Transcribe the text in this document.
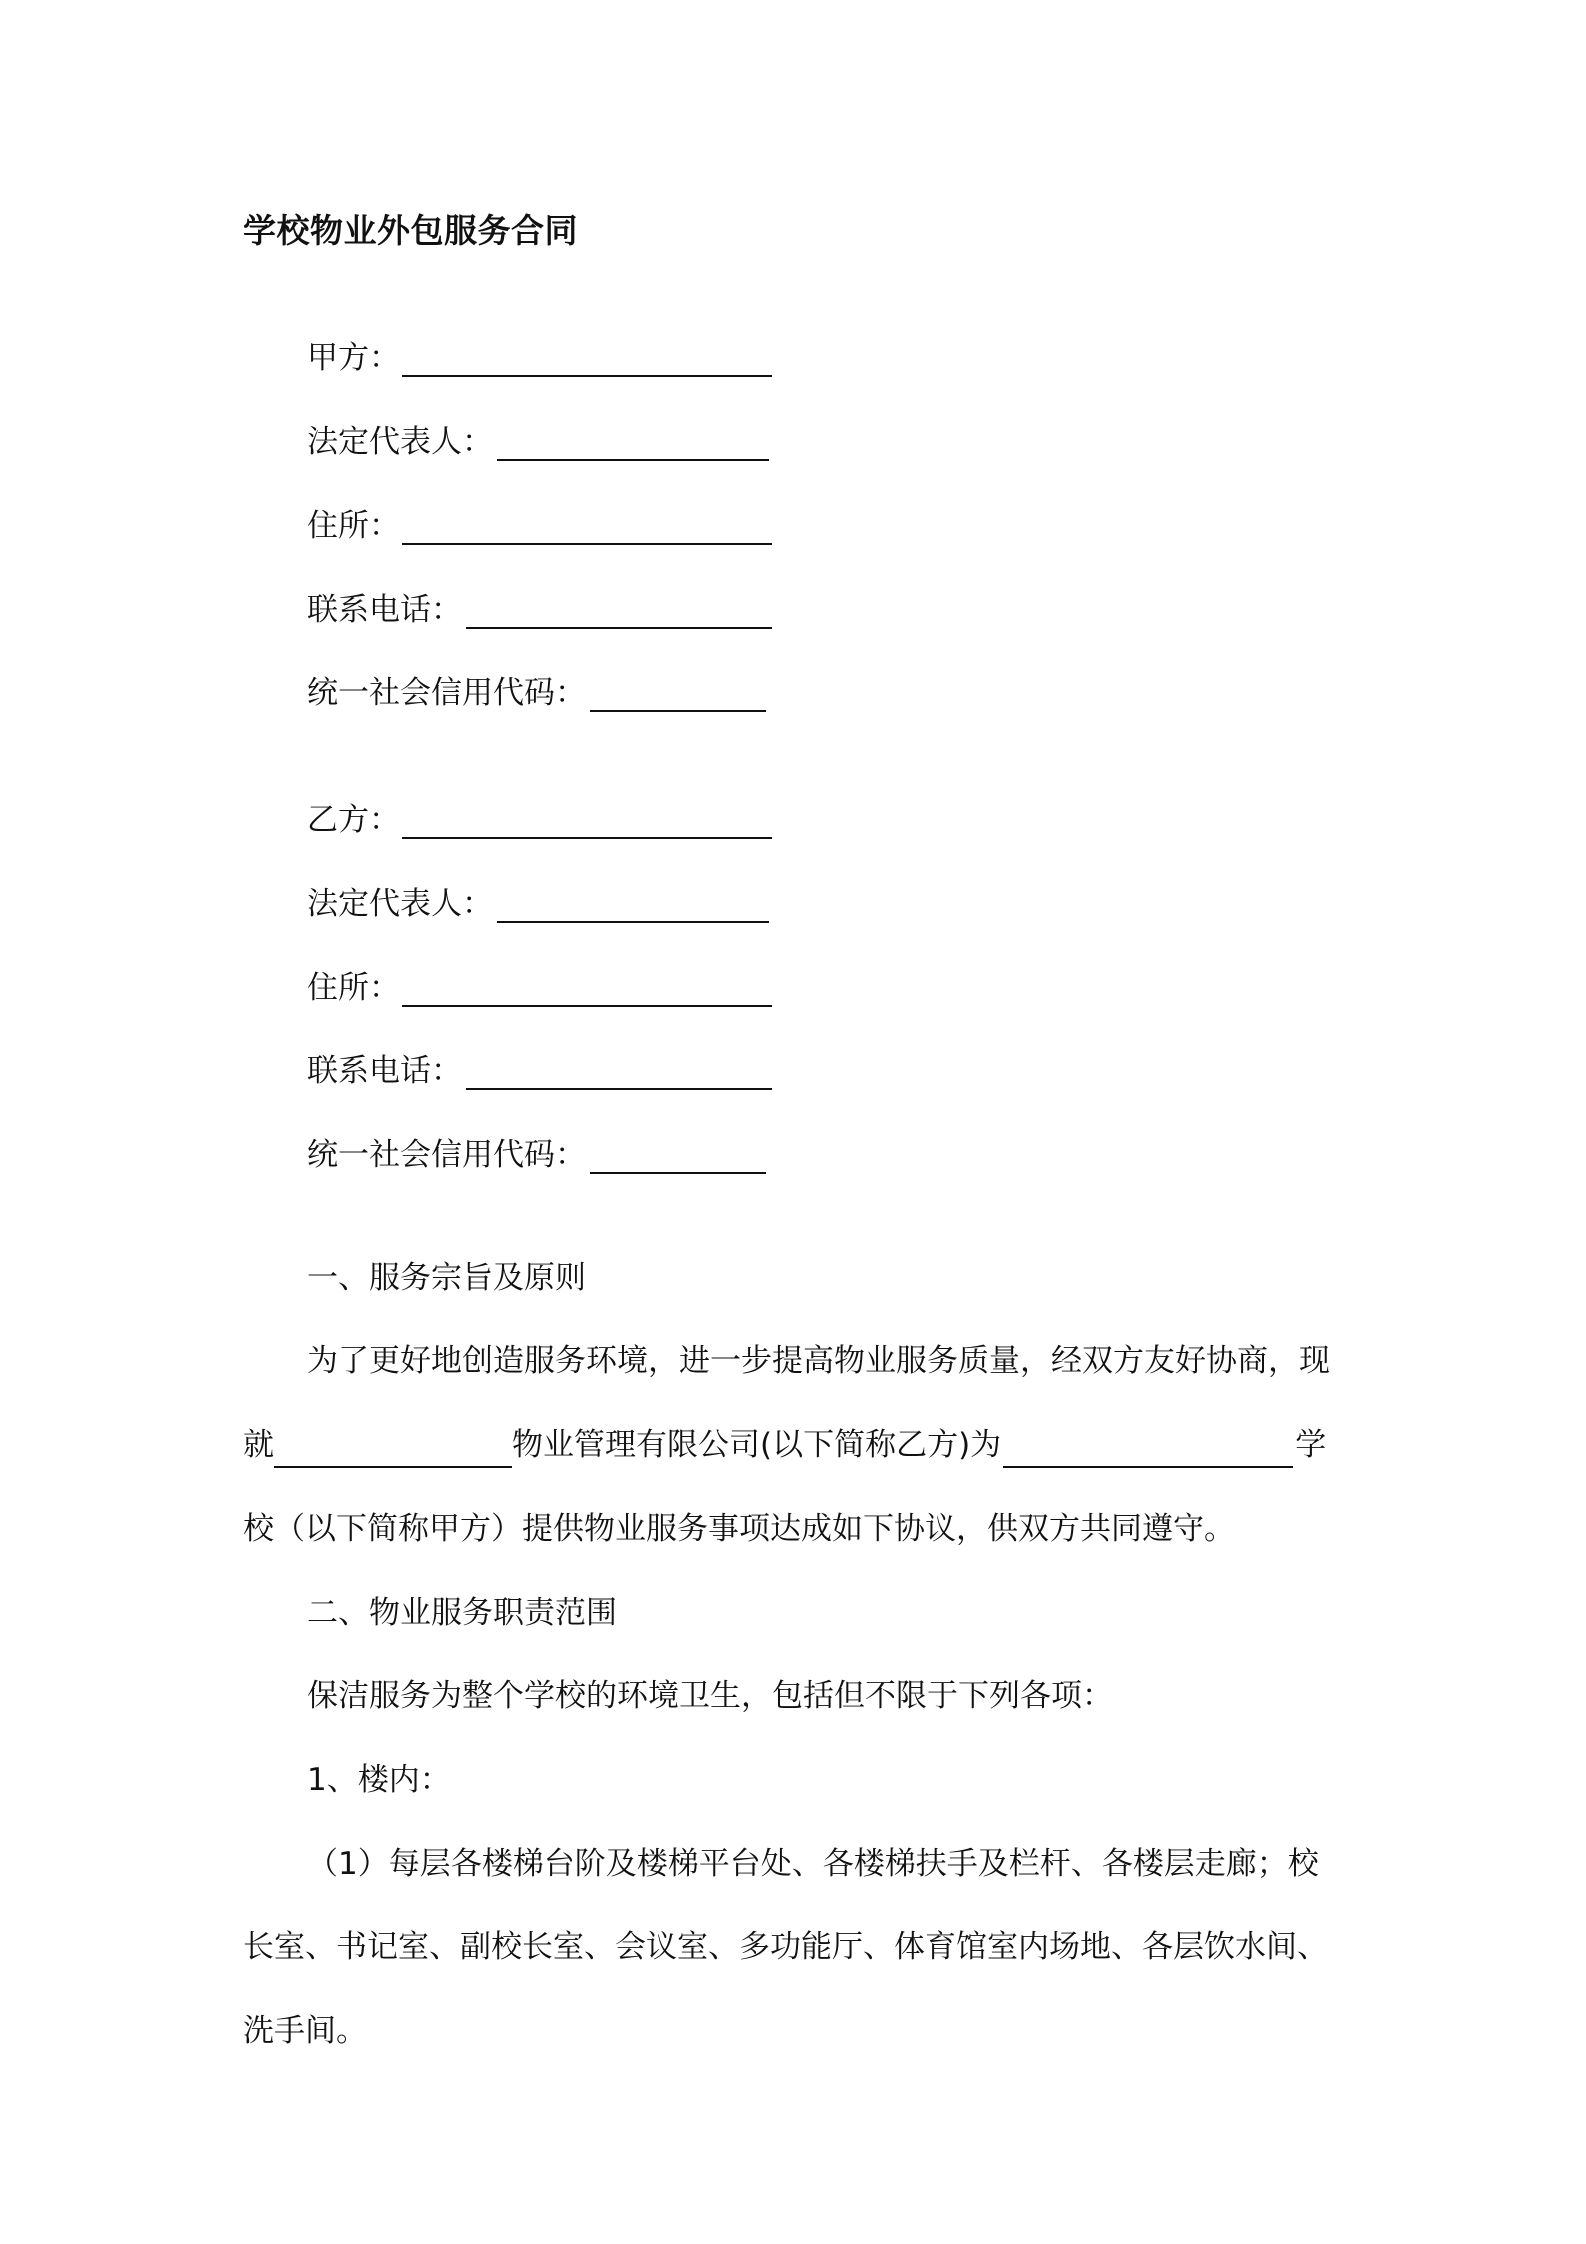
学校物业外包服务合同
甲方：
法定代表人：
住所：
联系电话：
统一社会信用代码：
乙方：
法定代表人：
住所：
联系电话：
统一社会信用代码：
一、服务宗旨及原则
为了更好地创造服务环境，进一步提高物业服务质量，经双方友好协商，现
就	物业管理有限公司(以下简称乙方)为	学
校（以下简称甲方）提供物业服务事项达成如下协议，供双方共同遵守。
二、物业服务职责范围
保洁服务为整个学校的环境卫生，包括但不限于下列各项：
1、楼内：
（1）每层各楼梯台阶及楼梯平台处、各楼梯扶手及栏杆、各楼层走廊；校
长室、书记室、副校长室、会议室、多功能厅、体育馆室内场地、各层饮水间、
洗手间。
